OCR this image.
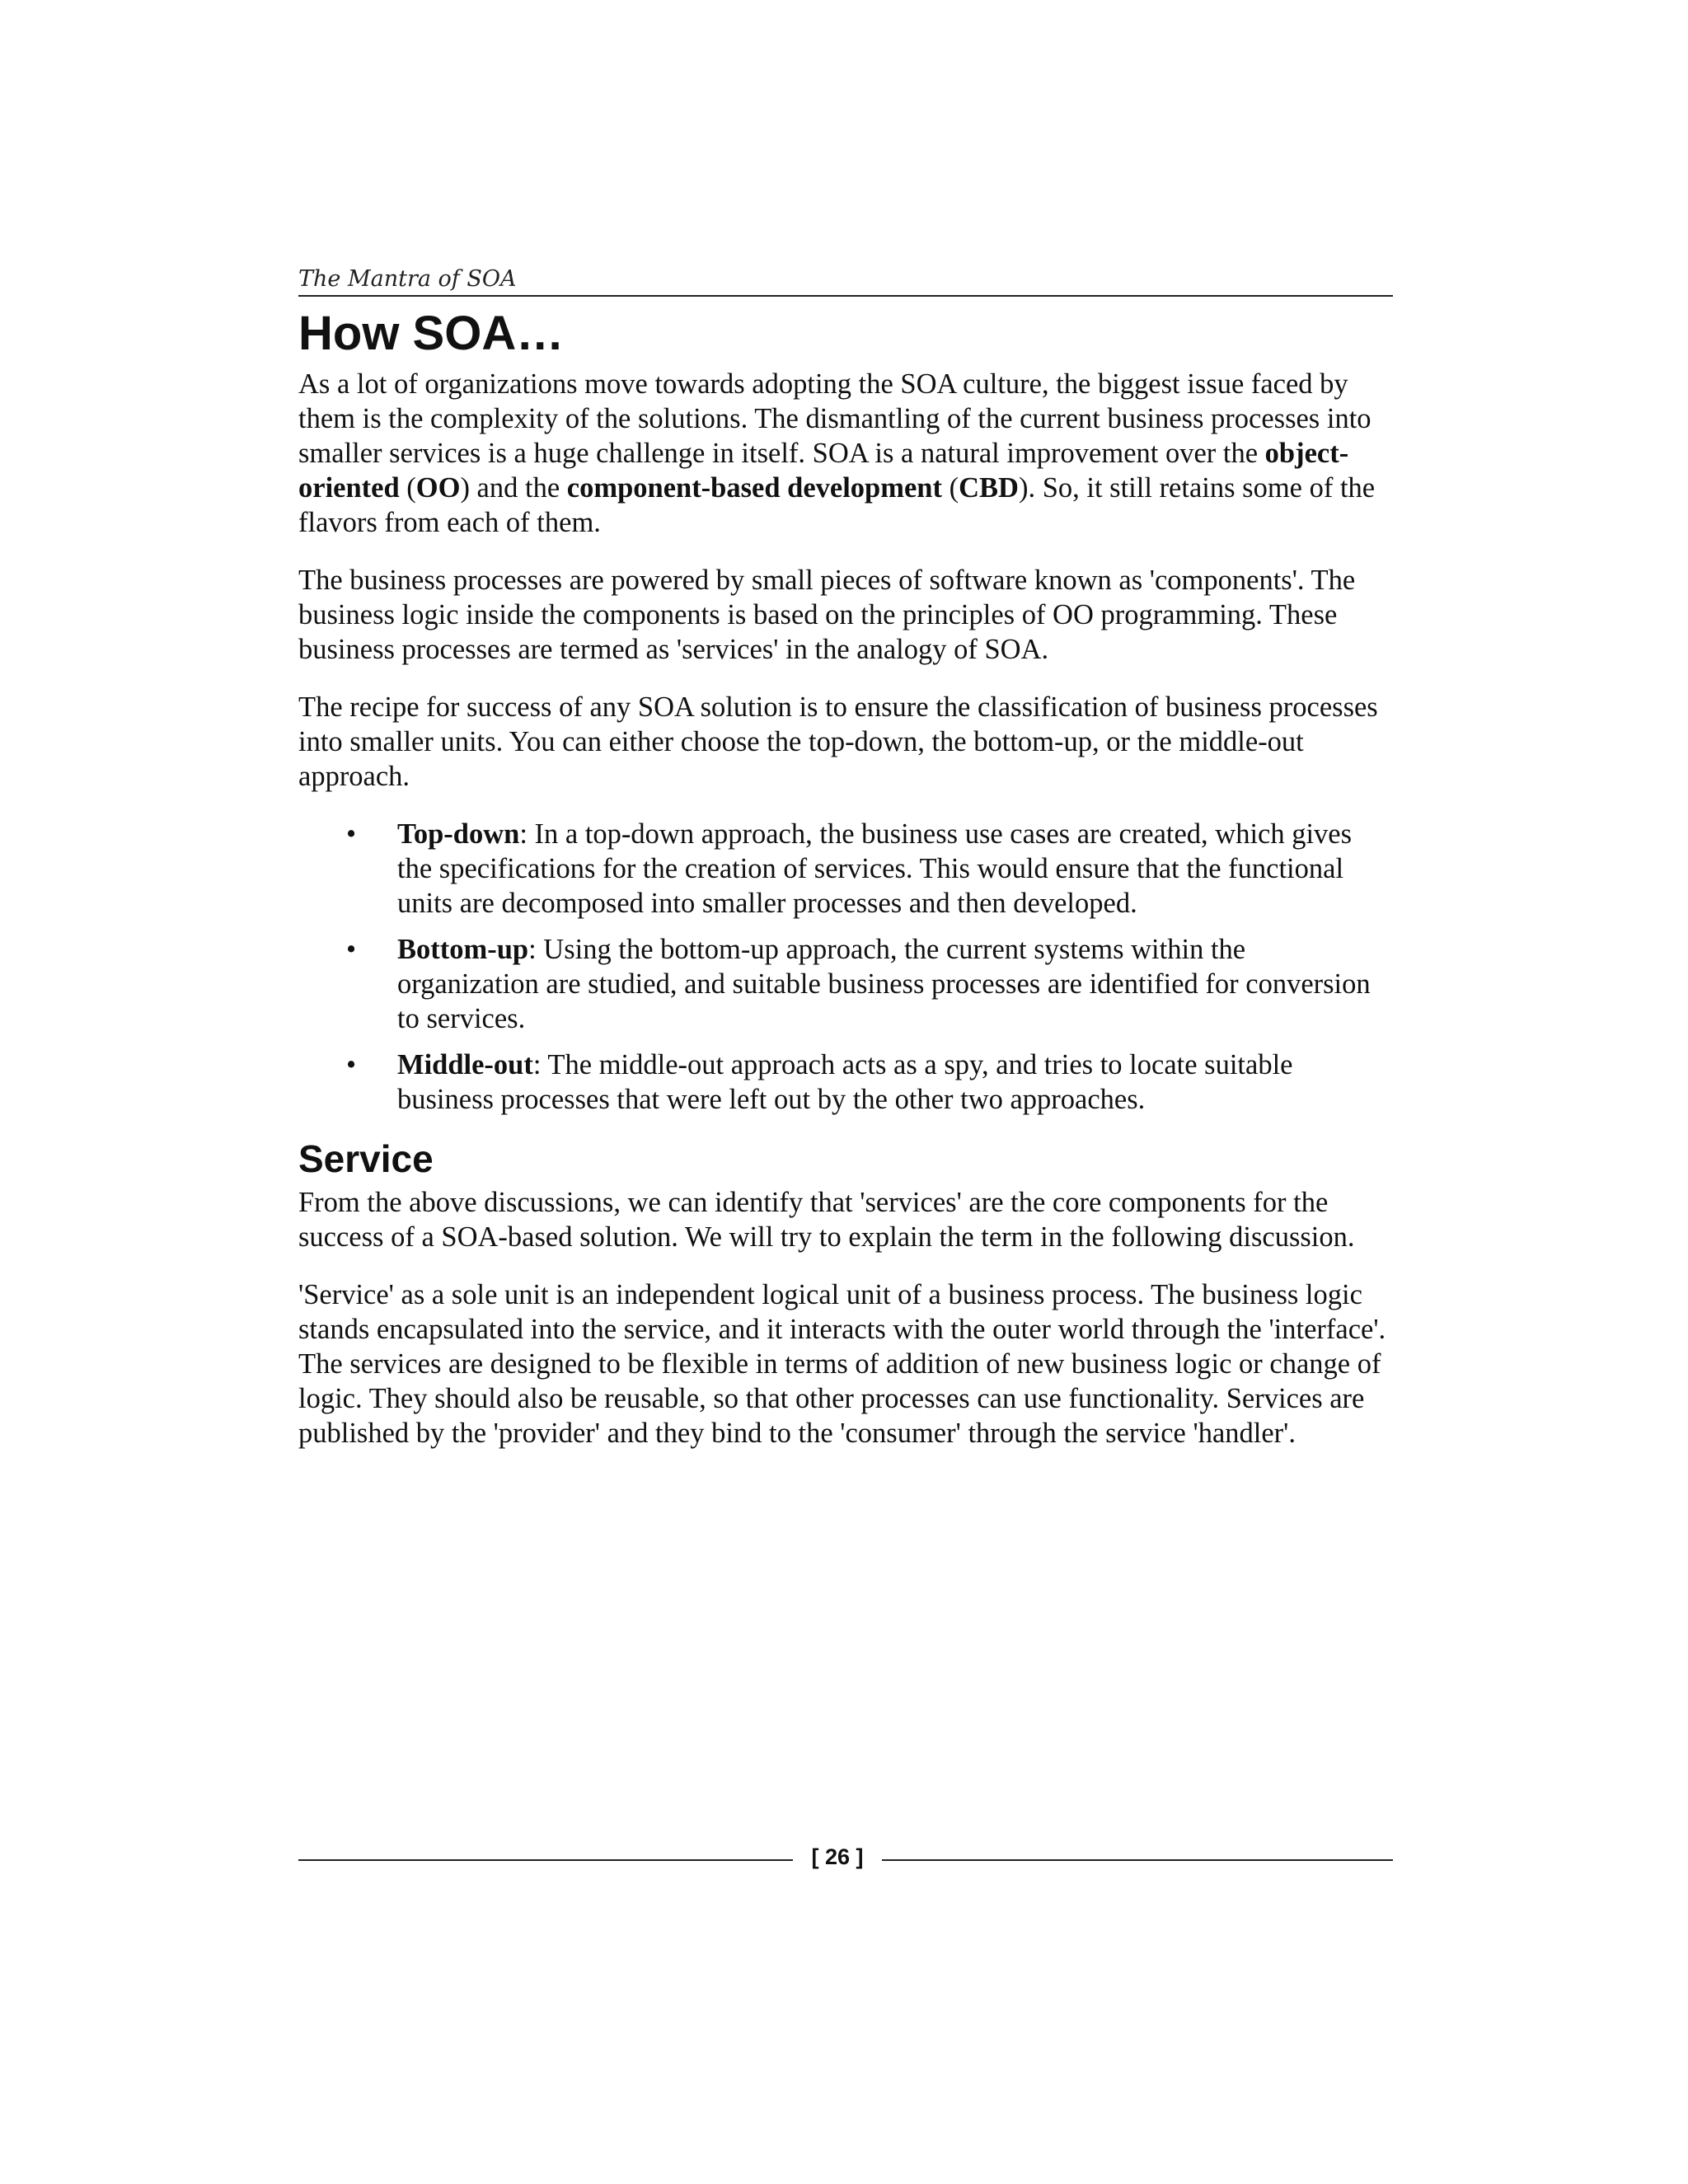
The Mantra of SOA
How SOA…

As a lot of organizations move towards adopting the SOA culture, the biggest issue faced by them is the complexity of the solutions. The dismantling of the current business processes into smaller services is a huge challenge in itself. SOA is a natural improvement over the object-oriented (OO) and the component-based development (CBD). So, it still retains some of the flavors from each of them.

The business processes are powered by small pieces of software known as 'components'. The business logic inside the components is based on the principles of OO programming. These business processes are termed as 'services' in the analogy of SOA.

The recipe for success of any SOA solution is to ensure the classification of business processes into smaller units. You can either choose the top-down, the bottom-up, or the middle-out approach.

• Top-down: In a top-down approach, the business use cases are created, which gives the specifications for the creation of services. This would ensure that the functional units are decomposed into smaller processes and then developed.
• Bottom-up: Using the bottom-up approach, the current systems within the organization are studied, and suitable business processes are identified for conversion to services.
• Middle-out: The middle-out approach acts as a spy, and tries to locate suitable business processes that were left out by the other two approaches.
Service

From the above discussions, we can identify that 'services' are the core components for the success of a SOA-based solution. We will try to explain the term in the following discussion.

'Service' as a sole unit is an independent logical unit of a business process. The business logic stands encapsulated into the service, and it interacts with the outer world through the 'interface'. The services are designed to be flexible in terms of addition of new business logic or change of logic. They should also be reusable, so that other processes can use functionality. Services are published by the 'provider' and they bind to the 'consumer' through the service 'handler'.

[ 26 ]
